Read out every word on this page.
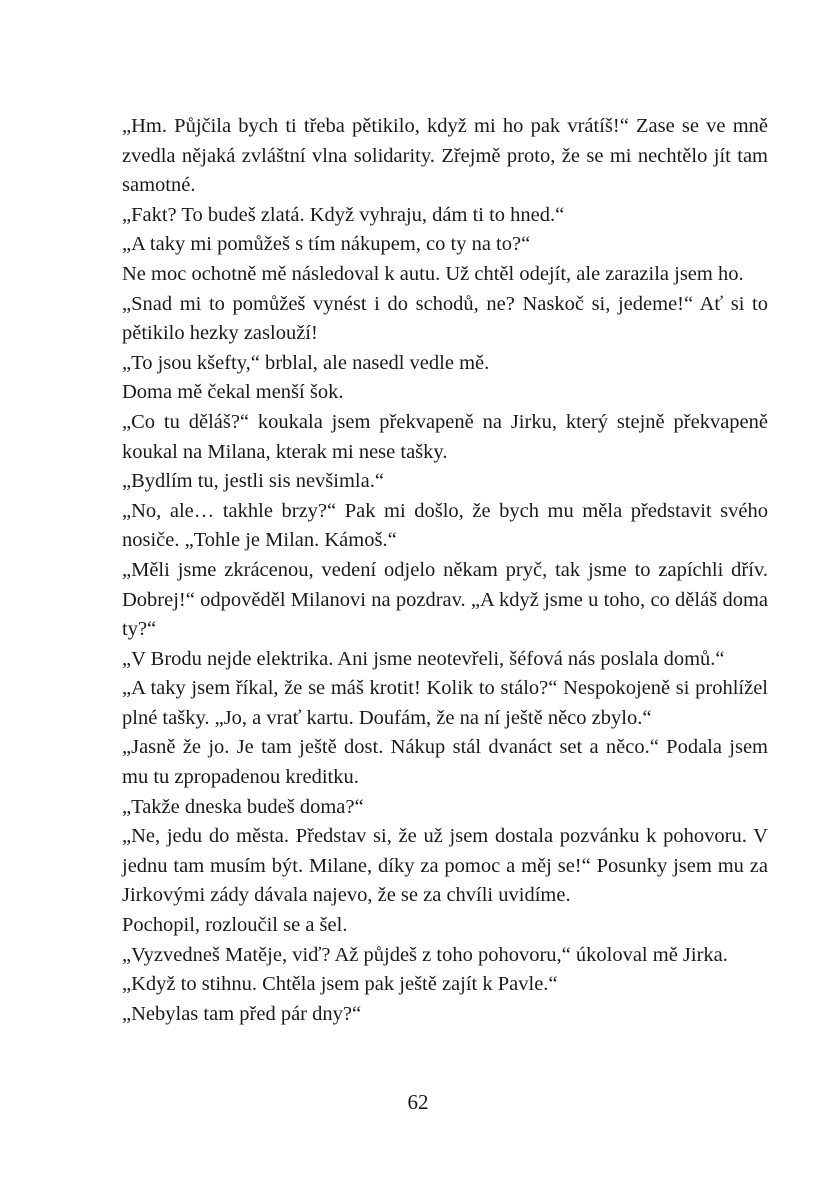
„Hm. Půjčila bych ti třeba pětikilo, když mi ho pak vrátíš!“ Zase se ve mně zvedla nějaká zvláštní vlna solidarity. Zřejmě proto, že se mi nechtělo jít tam samotné.

„Fakt? To budeš zlatá. Když vyhraju, dám ti to hned.“

„A taky mi pomůžeš s tím nákupem, co ty na to?“

Ne moc ochotně mě následoval k autu. Už chtěl odejít, ale zarazila jsem ho.

„Snad mi to pomůžeš vynést i do schodů, ne? Naskoč si, jedeme!“ Ať si to pětikilo hezky zaslouží!

„To jsou kšefty,“ brblal, ale nasedl vedle mě.

Doma mě čekal menší šok.

„Co tu děláš?“ koukala jsem překvapeně na Jirku, který stejně překvapeně koukal na Milana, kterak mi nese tašky.

„Bydlím tu, jestli sis nevšimla.“

„No, ale… takhle brzy?“ Pak mi došlo, že bych mu měla představit svého nosiče. „Tohle je Milan. Kámoš.“

„Měli jsme zkrácenou, vedení odjelo někam pryč, tak jsme to zapíchli dřív. Dobrej!“ odpověděl Milanovi na pozdrav. „A když jsme u toho, co děláš doma ty?“

„V Brodu nejde elektrika. Ani jsme neotevřeli, šéfová nás poslala domů.“

„A taky jsem říkal, že se máš krotit! Kolik to stálo?“ Nespokojeně si prohlížel plné tašky. „Jo, a vrať kartu. Doufám, že na ní ještě něco zbylo.“

„Jasně že jo. Je tam ještě dost. Nákup stál dvanáct set a něco.“ Podala jsem mu tu zpropadenou kreditku.

„Takže dneska budeš doma?“

„Ne, jedu do města. Představ si, že už jsem dostala pozvánku k pohovoru. V jednu tam musím být. Milane, díky za pomoc a měj se!“ Posunky jsem mu za Jirkovými zády dávala najevo, že se za chvíli uvidíme.

Pochopil, rozloučil se a šel.

„Vyzvedneš Matěje, viď? Až půjdeš z toho pohovoru,“ úkoloval mě Jirka.

„Když to stihnu. Chtěla jsem pak ještě zajít k Pavle.“

„Nebylas tam před pár dny?“

62
